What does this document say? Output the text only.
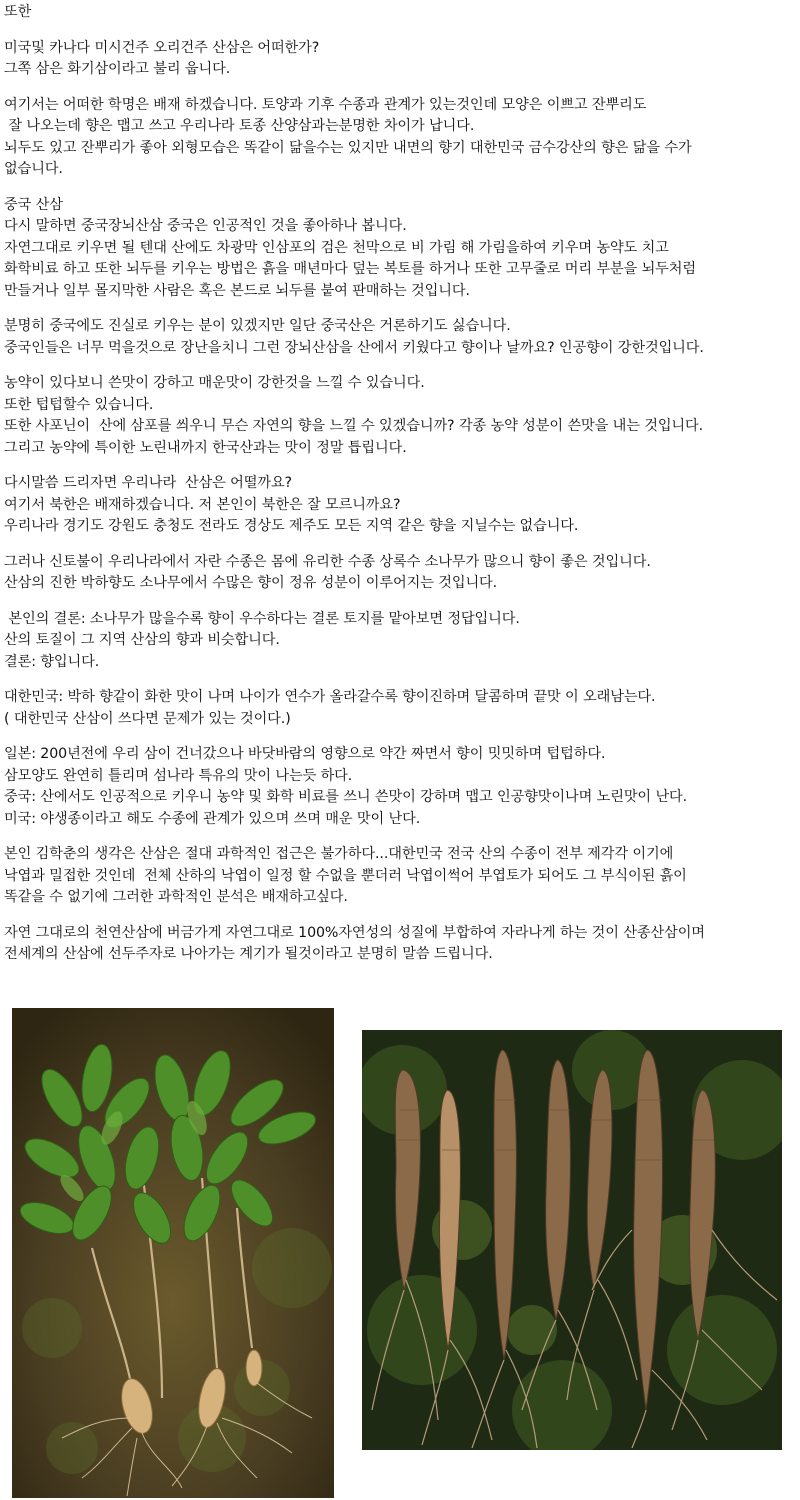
또한
미국및 카나다 미시건주 오리건주 산삼은 어떠한가?
그쪽 삼은 화기삼이라고 불리 웁니다.
여기서는 어떠한 학명은 배재 하겠습니다. 토양과 기후 수종과 관계가 있는것인데 모양은 이쁘고 잔뿌리도
잘 나오는데 향은 맵고 쓰고 우리나라 토종 산양삼과는분명한 차이가 납니다.
뇌두도 있고 잔뿌리가 좋아 외형모습은 똑같이 닮을수는 있지만 내면의 향기 대한민국 금수강산의 향은 닮을 수가
없습니다.
중국 산삼
다시 말하면 중국장뇌산삼 중국은 인공적인 것을 좋아하나 봅니다.
자연그대로 키우면 될 텐대 산에도 차광막 인삼포의 검은 천막으로 비 가림 해 가림을하여 키우며 농약도 치고
화학비료 하고 또한 뇌두를 키우는 방법은 흙을 매년마다 덮는 복토를 하거나 또한 고무줄로 머리 부분을 뇌두처럼
만들거나 일부 몰지막한 사람은 혹은 본드로 뇌두를 붙여 판매하는 것입니다.
분명히 중국에도 진실로 키우는 분이 있겠지만 일단 중국산은 거론하기도 싫습니다.
중국인들은 너무 먹을것으로 장난을치니 그런 장뇌산삼을 산에서 키웠다고 향이나 날까요? 인공향이 강한것입니다.
농약이 있다보니 쓴맛이 강하고 매운맛이 강한것을 느낄 수 있습니다.
또한 텁텁할수 있습니다.
또한 사포닌이  산에 삼포를 씌우니 무슨 자연의 향을 느낄 수 있겠습니까? 각종 농약 성분이 쓴맛을 내는 것입니다.
그리고 농약에 특이한 노린내까지 한국산과는 맛이 정말 틉립니다.
다시말씀 드리자면 우리나라  산삼은 어떨까요?
여기서 북한은 배재하겠습니다. 저 본인이 북한은 잘 모르니까요?
우리나라 경기도 강원도 충청도 전라도 경상도 제주도 모든 지역 같은 향을 지닐수는 없습니다.
그러나 신토불이 우리나라에서 자란 수종은 몸에 유리한 수종 상록수 소나무가 많으니 향이 좋은 것입니다.
산삼의 진한 박하향도 소나무에서 수많은 향이 정유 성분이 이루어지는 것입니다.
본인의 결론: 소나무가 많을수록 향이 우수하다는 결론 토지를 맡아보면 정답입니다.
산의 토질이 그 지역 산삼의 향과 비슷합니다.
결론: 향입니다.
대한민국: 박하 향같이 화한 맛이 나며 나이가 연수가 올라갈수록 향이진하며 달콤하며 끝맛 이 오래남는다.
( 대한민국 산삼이 쓰다면 문제가 있는 것이다.)
일본: 200년전에 우리 삼이 건너갔으나 바닷바람의 영향으로 약간 짜면서 향이 밋밋하며 텁텁하다.
삼모양도 완연히 틀리며 섬나라 특유의 맛이 나는듯 하다.
중국: 산에서도 인공적으로 키우니 농약 및 화학 비료를 쓰니 쓴맛이 강하며 맵고 인공향맛이나며 노린맛이 난다.
미국: 야생종이라고 해도 수종에 관계가 있으며 쓰며 매운 맛이 난다.
본인 김학춘의 생각은 산삼은 절대 과학적인 접근은 불가하다...대한민국 전국 산의 수종이 전부 제각각 이기에
낙엽과 밀접한 것인데  전체 산하의 낙엽이 일정 할 수없을 뿐더러 낙엽이썩어 부엽토가 되어도 그 부식이된 흙이
똑같을 수 없기에 그러한 과학적인 분석은 배재하고싶다.
자연 그대로의 천연산삼에 버금가게 자연그대로 100%자연성의 성질에 부합하여 자라나게 하는 것이 산종산삼이며
전세계의 산삼에 선두주자로 나아가는 계기가 될것이라고 분명히 말씀 드립니다.
